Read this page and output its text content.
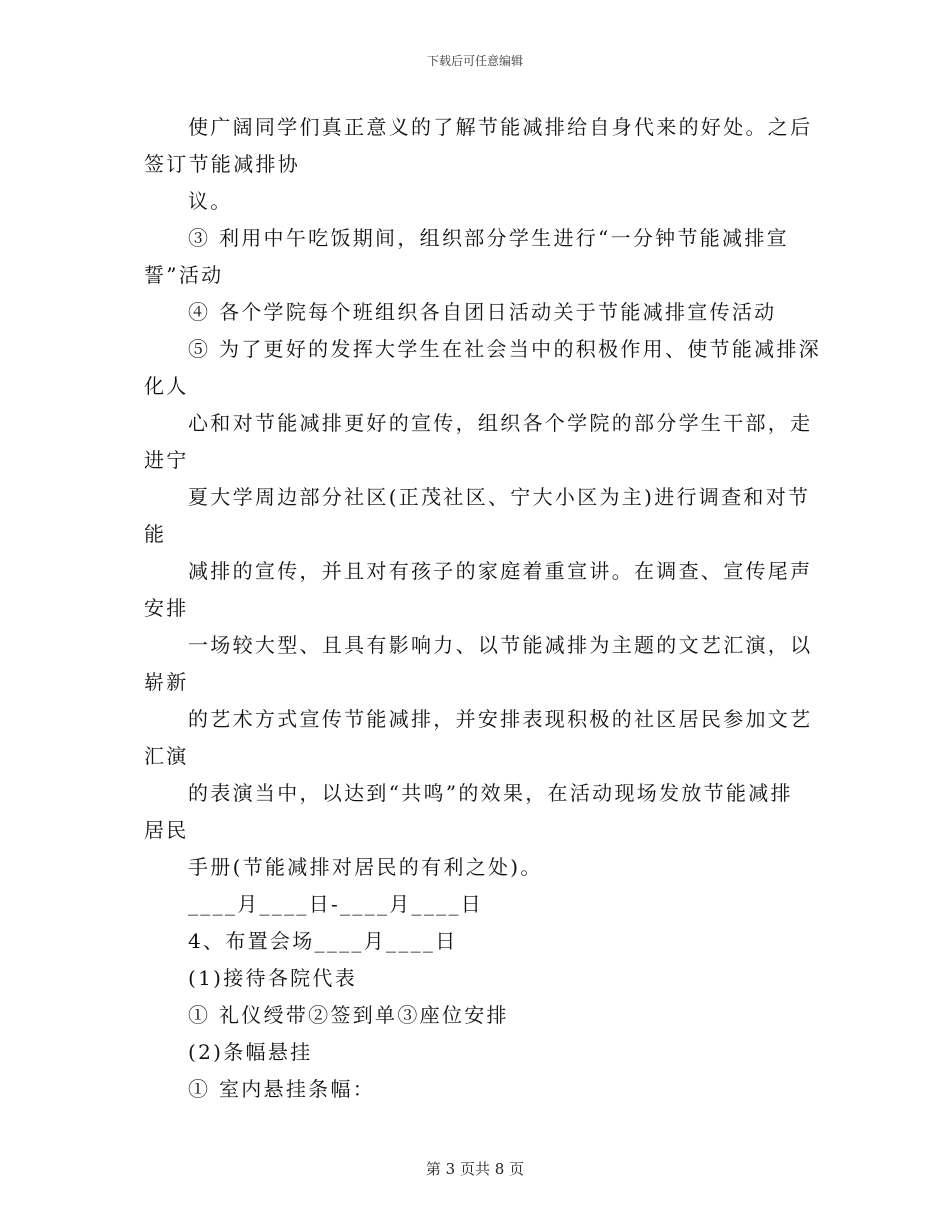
下载后可任意编辑
使广阔同学们真正意义的了解节能减排给自身代来的好处。之后
签订节能减排协
议。
③ 利用中午吃饭期间，组织部分学生进行“一分钟节能减排宣
誓”活动
④ 各个学院每个班组织各自团日活动关于节能减排宣传活动
⑤ 为了更好的发挥大学生在社会当中的积极作用、使节能减排深
化人
心和对节能减排更好的宣传，组织各个学院的部分学生干部，走
进宁
夏大学周边部分社区(正茂社区、宁大小区为主)进行调查和对节
能
减排的宣传，并且对有孩子的家庭着重宣讲。在调查、宣传尾声
安排
一场较大型、且具有影响力、以节能减排为主题的文艺汇演，以
崭新
的艺术方式宣传节能减排，并安排表现积极的社区居民参加文艺
汇演
的表演当中，以达到“共鸣”的效果，在活动现场发放节能减排
居民
手册(节能减排对居民的有利之处)。
____月____日-____月____日
4、布置会场____月____日
(1)接待各院代表
① 礼仪绶带②签到单③座位安排
(2)条幅悬挂
① 室内悬挂条幅：
第 3 页共 8 页
